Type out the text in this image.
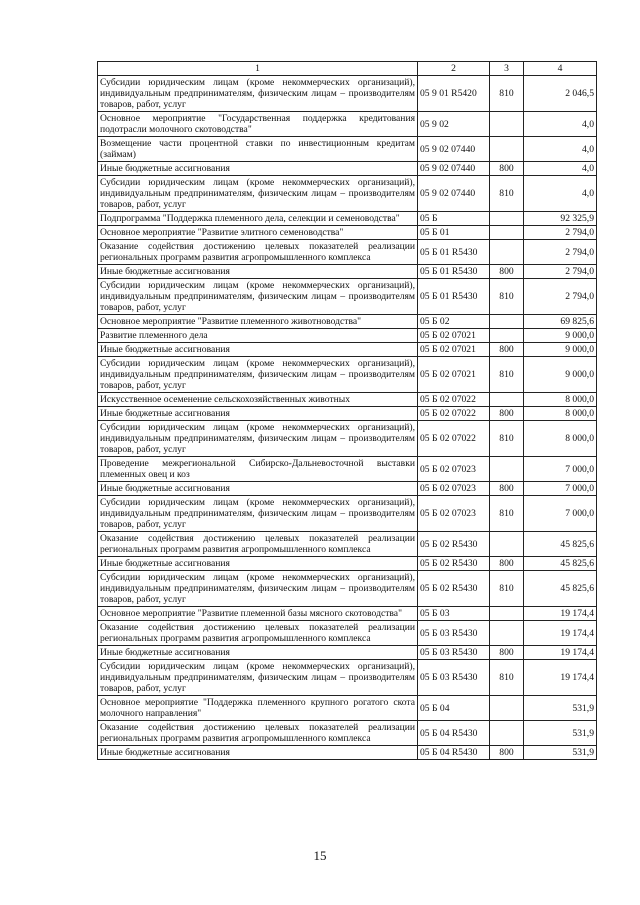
1	2	3	4
Субсидии юридическим лицам (кроме некоммерческих организаций), индивидуальным предпринимателям, физическим лицам – производителям товаров, работ, услуг	05 9 01 R5420	810	2 046,5
Основное мероприятие "Государственная поддержка кредитования подотрасли молочного скотоводства"	05 9 02		4,0
Возмещение части процентной ставки по инвестиционным кредитам (займам)	05 9 02 07440		4,0
Иные бюджетные ассигнования	05 9 02 07440	800	4,0
Субсидии юридическим лицам (кроме некоммерческих организаций), индивидуальным предпринимателям, физическим лицам – производителям товаров, работ, услуг	05 9 02 07440	810	4,0
Подпрограмма "Поддержка племенного дела, селекции и семеноводства"	05 Б		92 325,9
Основное мероприятие "Развитие элитного семеноводства"	05 Б 01		2 794,0
Оказание содействия достижению целевых показателей реализации региональных программ развития агропромышленного комплекса	05 Б 01 R5430		2 794,0
Иные бюджетные ассигнования	05 Б 01 R5430	800	2 794,0
Субсидии юридическим лицам (кроме некоммерческих организаций), индивидуальным предпринимателям, физическим лицам – производителям товаров, работ, услуг	05 Б 01 R5430	810	2 794,0
Основное мероприятие "Развитие племенного животноводства"	05 Б 02		69 825,6
Развитие племенного дела	05 Б 02 07021		9 000,0
Иные бюджетные ассигнования	05 Б 02 07021	800	9 000,0
Субсидии юридическим лицам (кроме некоммерческих организаций), индивидуальным предпринимателям, физическим лицам – производителям товаров, работ, услуг	05 Б 02 07021	810	9 000,0
Искусственное осеменение сельскохозяйственных животных	05 Б 02 07022		8 000,0
Иные бюджетные ассигнования	05 Б 02 07022	800	8 000,0
Субсидии юридическим лицам (кроме некоммерческих организаций), индивидуальным предпринимателям, физическим лицам – производителям товаров, работ, услуг	05 Б 02 07022	810	8 000,0
Проведение межрегиональной Сибирско-Дальневосточной выставки племенных овец и коз	05 Б 02 07023		7 000,0
Иные бюджетные ассигнования	05 Б 02 07023	800	7 000,0
Субсидии юридическим лицам (кроме некоммерческих организаций), индивидуальным предпринимателям, физическим лицам – производителям товаров, работ, услуг	05 Б 02 07023	810	7 000,0
Оказание содействия достижению целевых показателей реализации региональных программ развития агропромышленного комплекса	05 Б 02 R5430		45 825,6
Иные бюджетные ассигнования	05 Б 02 R5430	800	45 825,6
Субсидии юридическим лицам (кроме некоммерческих организаций), индивидуальным предпринимателям, физическим лицам – производителям товаров, работ, услуг	05 Б 02 R5430	810	45 825,6
Основное мероприятие "Развитие племенной базы мясного скотоводства"	05 Б 03		19 174,4
Оказание содействия достижению целевых показателей реализации региональных программ развития агропромышленного комплекса	05 Б 03 R5430		19 174,4
Иные бюджетные ассигнования	05 Б 03 R5430	800	19 174,4
Субсидии юридическим лицам (кроме некоммерческих организаций), индивидуальным предпринимателям, физическим лицам – производителям товаров, работ, услуг	05 Б 03 R5430	810	19 174,4
Основное мероприятие "Поддержка племенного крупного рогатого скота молочного направления"	05 Б 04		531,9
Оказание содействия достижению целевых показателей реализации региональных программ развития агропромышленного комплекса	05 Б 04 R5430		531,9
Иные бюджетные ассигнования	05 Б 04 R5430	800	531,9
15
